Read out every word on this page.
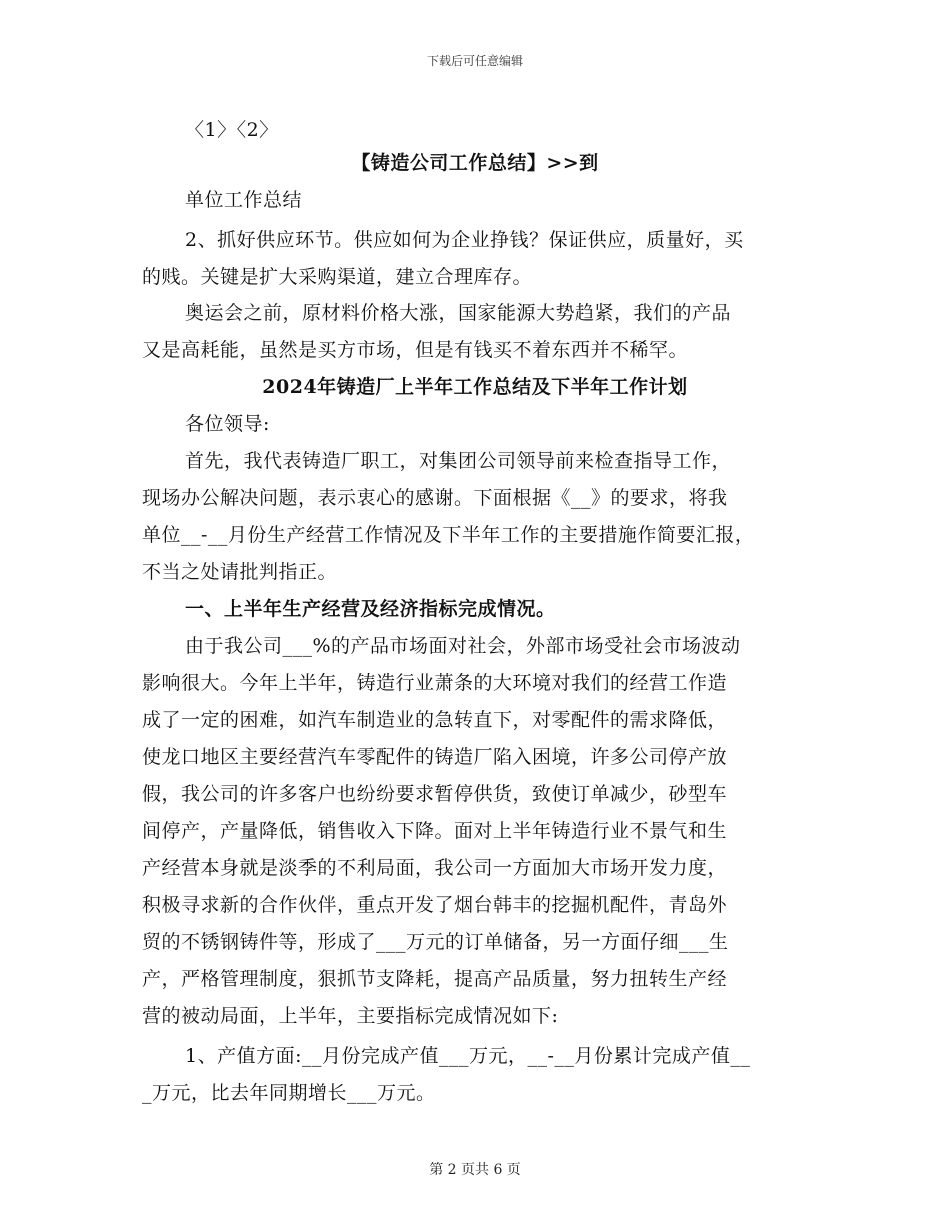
下载后可任意编辑
〈1〉〈2〉
【铸造公司工作总结】>>到
单位工作总结
2、抓好供应环节。供应如何为企业挣钱？保证供应，质量好，买
的贱。关键是扩大采购渠道，建立合理库存。
奥运会之前，原材料价格大涨，国家能源大势趋紧，我们的产品
又是高耗能，虽然是买方市场，但是有钱买不着东西并不稀罕。
2024年铸造厂上半年工作总结及下半年工作计划
各位领导:
首先，我代表铸造厂职工，对集团公司领导前来检查指导工作，
现场办公解决问题，表示衷心的感谢。下面根据《__》的要求，将我
单位__-__月份生产经营工作情况及下半年工作的主要措施作简要汇报，
不当之处请批判指正。
一、上半年生产经营及经济指标完成情况。
由于我公司___%的产品市场面对社会，外部市场受社会市场波动
影响很大。今年上半年，铸造行业萧条的大环境对我们的经营工作造
成了一定的困难，如汽车制造业的急转直下，对零配件的需求降低，
使龙口地区主要经营汽车零配件的铸造厂陷入困境，许多公司停产放
假，我公司的许多客户也纷纷要求暂停供货，致使订单减少，砂型车
间停产，产量降低，销售收入下降。面对上半年铸造行业不景气和生
产经营本身就是淡季的不利局面，我公司一方面加大市场开发力度，
积极寻求新的合作伙伴，重点开发了烟台韩丰的挖掘机配件，青岛外
贸的不锈钢铸件等，形成了___万元的订单储备，另一方面仔细___生
产，严格管理制度，狠抓节支降耗，提高产品质量，努力扭转生产经
营的被动局面，上半年，主要指标完成情况如下:
1、产值方面:__月份完成产值___万元，__-__月份累计完成产值__
_万元，比去年同期增长___万元。
第 2 页共 6 页
